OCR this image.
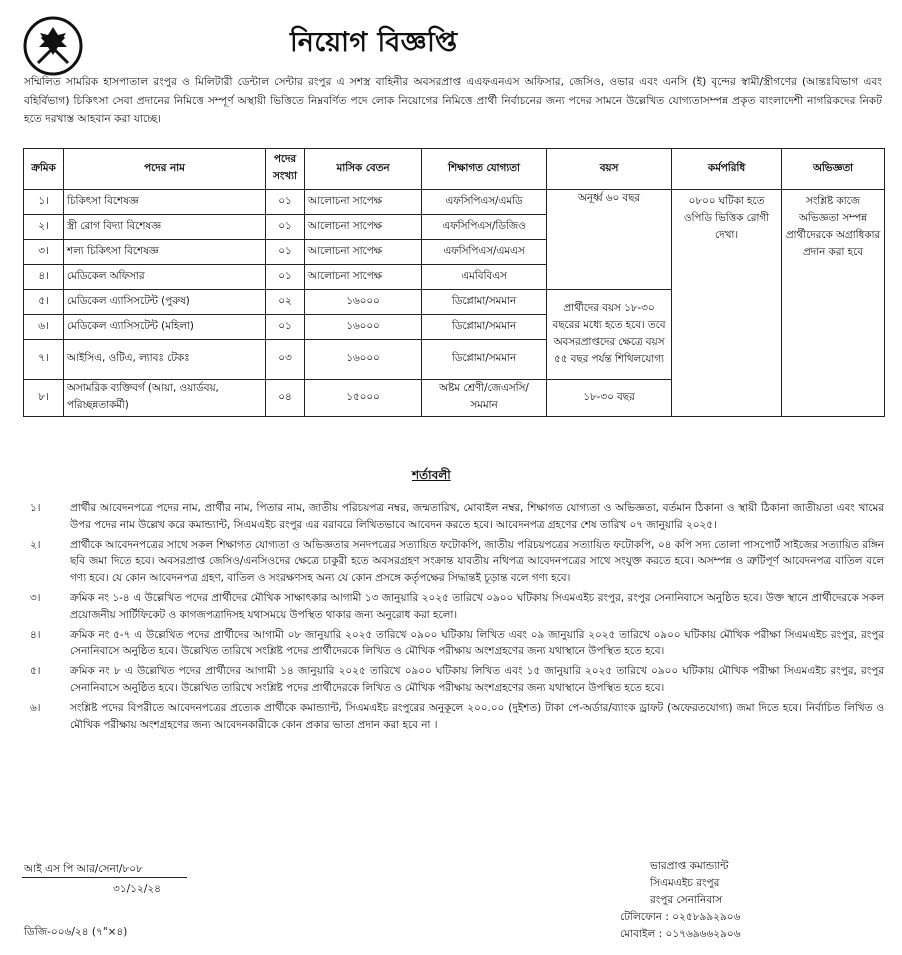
নিয়োগ বিজ্ঞপ্তি
সম্মিলিত সামরিক হাসপাতাল রংপুর ও মিলিটারী ডেন্টাল সেন্টার রংপুর এ সশস্ত্র বাহিনীর অবসরপ্রাপ্ত এএফএনএস অফিসার, জেসিও, ওভার এবং এনসি (ই) বৃন্দের স্বামী/স্ত্রীগণের (আন্তঃবিভাগ এবং বহির্বিভাগ) চিকিৎসা সেবা প্রদানের নিমিত্তে সম্পূর্ণ অস্থায়ী ভিত্তিতে নিম্নবর্ণিত পদে লোক নিয়োগের নিমিত্তে প্রার্থী নির্বাচনের জন্য পদের সামনে উল্লেখিত যোগ্যতাসম্পন্ন প্রকৃত বাংলাদেশী নাগরিকদের নিকট হতে দরখাস্ত আহবান করা যাচ্ছে।
ক্রমিক	পদের নাম	পদের সংখ্যা	মাসিক বেতন	শিক্ষাগত যোগ্যতা	বয়স	কর্মপরিধি	অভিজ্ঞতা
১।	চিকিৎসা বিশেষজ্ঞ	০১	আলোচনা সাপেক্ষ	এফসিপিএস/এমডি	অনূর্ধ্ব ৬০ বছর	০৮০০ ঘটিকা হতে ওপিডি ভিত্তিক রোগী দেখা।	সংশ্লিষ্ট কাজে অভিজ্ঞতা সম্পন্ন প্রার্থীদেরকে অগ্রাধিকার প্রদান করা হবে
২।	স্ত্রী রোগ বিদ্যা বিশেষজ্ঞ	০১	আলোচনা সাপেক্ষ	এফসিপিএস/ডিজিও			
৩।	শল্য চিকিৎসা বিশেষজ্ঞ	০১	আলোচনা সাপেক্ষ	এফসিপিএস/এমএস			
৪।	মেডিকেল অফিসার	০১	আলোচনা সাপেক্ষ	এমবিবিএস			
৫।	মেডিকেল এ্যাসিসটেন্ট (পুরুষ)	০২	১৬০০০	ডিপ্লোমা/সমমান	প্রার্থীদের বয়স ১৮-৩০ বছরের মধ্যে হতে হবে। তবে অবসরপ্রাপ্তদের ক্ষেত্রে বয়স ৫৫ বছর পর্যন্ত শিথিলযোগ্য		
৬।	মেডিকেল এ্যাসিসটেন্ট (মহিলা)	০১	১৬০০০	ডিপ্লোমা/সমমান			
৭।	আইসিএ, ওটিএ, ল্যাবঃ টেকঃ	০৩	১৬০০০	ডিপ্লোমা/সমমান			
৮।	অসামরিক ব্যক্তিবর্গ (আয়া, ওয়ার্ডবয়, পরিচ্ছন্নতাকর্মী)	০৪	১৫০০০	অষ্টম শ্রেণী/জেএসসি/ সমমান	১৮-৩০ বছর		
শর্তাবলী
১।	প্রার্থীর আবেদনপত্রে পদের নাম, প্রার্থীর নাম, পিতার নাম, জাতীয় পরিচয়পত্র নম্বর, জন্মতারিখ, মোবাইল নম্বর, শিক্ষাগত যোগ্যতা ও অভিজ্ঞতা, বর্তমান ঠিকানা ও স্থায়ী ঠিকানা জাতীয়তা এবং খামের উপর পদের নাম উল্লেখ করে কমান্ড্যান্ট, সিএমএইচ রংপুর এর বরাবরে লিখিতভাবে আবেদন করতে হবে। আবেদনপত্র গ্রহণের শেষ তারিখ ০৭ জানুয়ারি ২০২৫।
২।	প্রার্থীকে আবেদনপত্রের সাথে সকল শিক্ষাগত যোগ্যতা ও অভিজ্ঞতার সনদপত্রের সত্যায়িত ফটোকপি, জাতীয় পরিচয়পত্রের সত্যায়িত ফটোকপি, ০৪ কপি সদ্য তোলা পাসপোর্ট সাইজের সত্যায়িত রঙ্গিন ছবি জমা দিতে হবে। অবসরপ্রাপ্ত জেসিও/এনসিওদের ক্ষেত্রে চাকুরী হতে অবসরগ্রহণ সংক্রান্ত যাবতীয় নথিপত্র আবেদনপত্রের সাথে সংযুক্ত করতে হবে। অসম্পন্ন ও ত্রুটিপূর্ণ আবেদনপত্র বাতিল বলে গণ্য হবে। যে কোন আবেদনপত্র গ্রহণ, বাতিল ও সংরক্ষণসহ অন্য যে কোন প্রসঙ্গে কর্তৃপক্ষের সিদ্ধান্তই চূড়ান্ত বলে গণ্য হবে।
৩।	ক্রমিক নং ১-৪ এ উল্লেখিত পদের প্রার্থীদের মৌখিক সাক্ষাৎকার আগামী ১৩ জানুয়ারি ২০২৫ তারিখে ০৯০০ ঘটিকায় সিএমএইচ রংপুর, রংপুর সেনানিবাসে অনুষ্ঠিত হবে। উক্ত স্থানে প্রার্থীদেরকে সকল প্রয়োজনীয় সার্টিফিকেট ও কাগজপত্রাদিসহ যথাসময়ে উপস্থিত থাকার জন্য অনুরোধ করা হলো।
৪।	ক্রমিক নং ৫-৭ এ উল্লেখিত পদের প্রার্থীদের আগামী ০৮ জানুয়ারি ২০২৫ তারিখে ০৯০০ ঘটিকায় লিখিত এবং ০৯ জানুয়ারি ২০২৫ তারিখে ০৯০০ ঘটিকায় মৌখিক পরীক্ষা সিএমএইচ রংপুর, রংপুর সেনানিবাসে অনুষ্ঠিত হবে। উল্লেখিত তারিখে সংশ্লিষ্ট পদের প্রার্থীদেরকে লিখিত ও মৌখিক পরীক্ষায় অংশগ্রহণের জন্য যথাস্থানে উপস্থিত হতে হবে।
৫।	ক্রমিক নং ৮ এ উল্লেখিত পদের প্রার্থীদের আগামী ১৪ জানুয়ারি ২০২৫ তারিখে ০৯০০ ঘটিকায় লিখিত এবং ১৫ জানুয়ারি ২০২৫ তারিখে ০৯০০ ঘটিকায় মৌখিক পরীক্ষা সিএমএইচ রংপুর, রংপুর সেনানিবাসে অনুষ্ঠিত হবে। উল্লেখিত তারিখে সংশ্লিষ্ট পদের প্রার্থীদেরকে লিখিত ও মৌখিক পরীক্ষায় অংশগ্রহণের জন্য যথাস্থানে উপস্থিত হতে হবে।
৬।	সংশ্লিষ্ট পদের বিপরীতে আবেদনপত্রের প্রত্যেক প্রার্থীকে কমান্ড্যান্ট, সিএমএইচ রংপুরের অনুকূলে ২০০.০০ (দুইশত) টাকা পে-অর্ডার/ব্যাংক ড্রাফট (অফেরতযোগ্য) জমা দিতে হবে। নির্বাচিত লিখিত ও মৌখিক পরীক্ষায় অংশগ্রহণের জন্য আবেদনকারীকে কোন প্রকার ভাতা প্রদান করা হবে না ।
আই এস পি আর/সেনা/৮০৮
৩১/১২/২৪
ভারপ্রাপ্ত কমান্ড্যান্ট
সিএমএইচ রংপুর
রংপুর সেনানিবাস
টেলিফোন : ০২৫৮৯৯২৯০৬
মোবাইল : ০১৭৬৯৬৬২৯০৬
ডিজি-০০৬/২৪ (৭"×৪)
